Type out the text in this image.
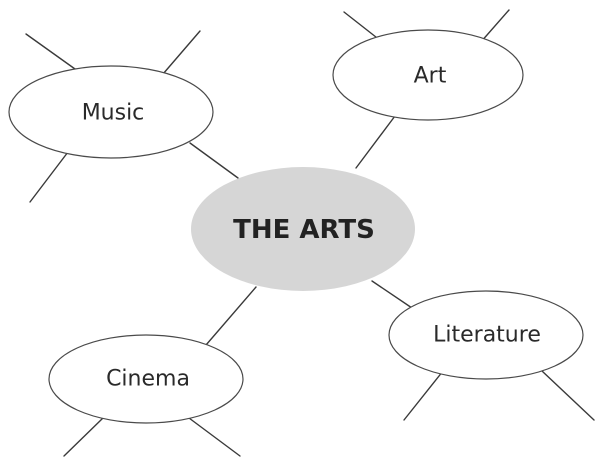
Music
Art
Literature
Cinema
THE ARTS
